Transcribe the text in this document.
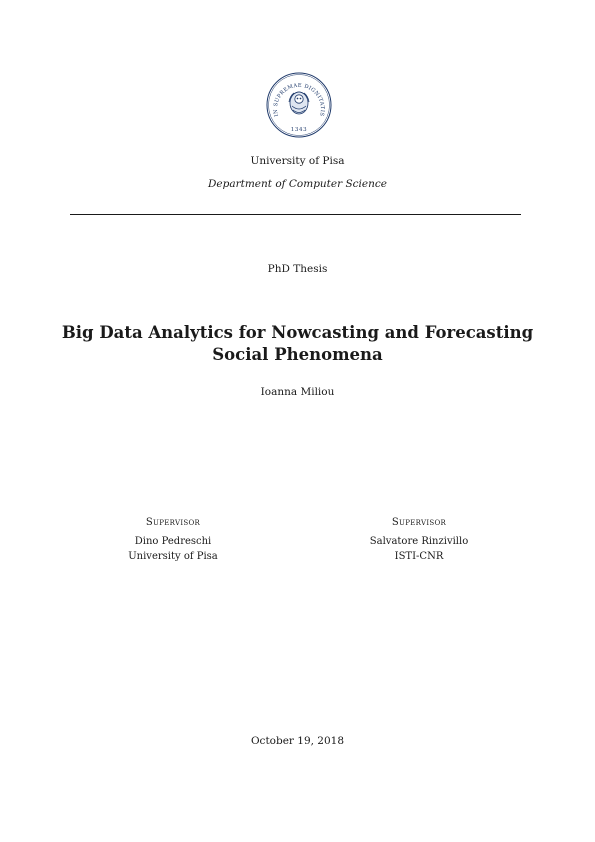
IN SUPREMAE DIGNITATIS
1343
University of Pisa
Department of Computer Science
PhD Thesis
Big Data Analytics for Nowcasting and Forecasting
Social Phenomena
Ioanna Miliou
Supervisor
Dino Pedreschi
University of Pisa
Supervisor
Salvatore Rinzivillo
ISTI-CNR
October 19, 2018
